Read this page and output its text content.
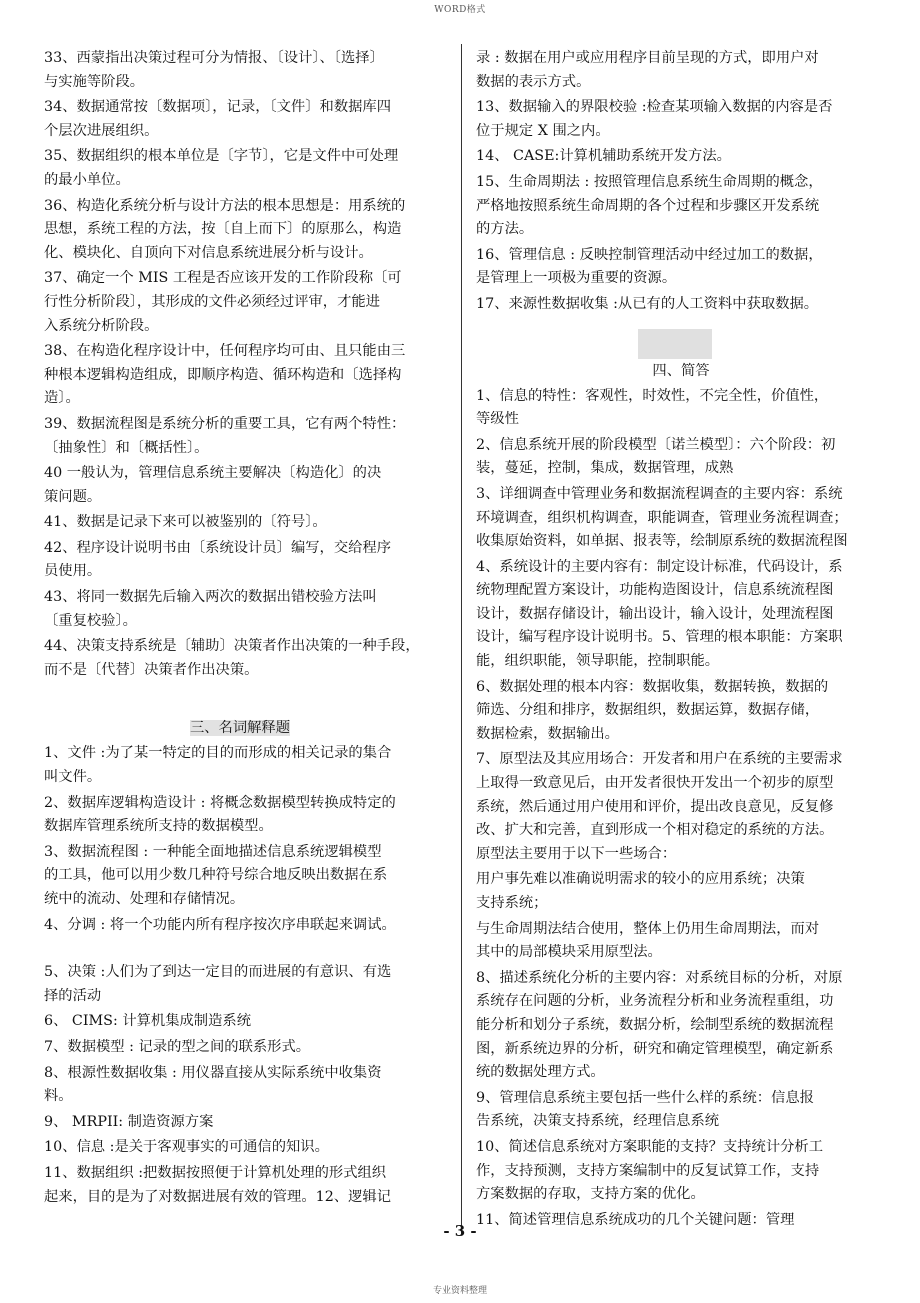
WORD格式

33、西蒙指出决策过程可分为情报、〔设计〕、〔选择〕
与实施等阶段。

34、数据通常按〔数据项〕，记录，〔文件〕和数据库四
个层次进展组织。

35、数据组织的根本单位是〔字节〕，它是文件中可处理
的最小单位。

36、构造化系统分析与设计方法的根本思想是：用系统的
思想，系统工程的方法，按〔自上而下〕的原那么，构造
化、模块化、自顶向下对信息系统进展分析与设计。

37、确定一个 MIS 工程是否应该开发的工作阶段称〔可
行性分析阶段〕，其形成的文件必须经过评审，才能进
入系统分析阶段。

38、在构造化程序设计中，任何程序均可由、且只能由三
种根本逻辑构造组成，即顺序构造、循环构造和〔选择构
造〕。

39、数据流程图是系统分析的重要工具，它有两个特性：
〔抽象性〕和〔概括性〕。

40 一般认为，管理信息系统主要解决〔构造化〕的决
策问题。

41、数据是记录下来可以被鉴别的〔符号〕。

42、程序设计说明书由〔系统设计员〕编写，交给程序
员使用。

43、将同一数据先后输入两次的数据出错校验方法叫
〔重复校验〕。

44、决策支持系统是〔辅助〕决策者作出决策的一种手段，
而不是〔代替〕决策者作出决策。

三、名词解释题

1、文件 :为了某一特定的目的而形成的相关记录的集合
叫文件。

2、数据库逻辑构造设计 : 将概念数据模型转换成特定的
数据库管理系统所支持的数据模型。

3、数据流程图 : 一种能全面地描述信息系统逻辑模型
的工具，他可以用少数几种符号综合地反映出数据在系
统中的流动、处理和存储情况。

4、分调 : 将一个功能内所有程序按次序串联起来调试。

5、决策 :人们为了到达一定目的而进展的有意识、有选
择的活动

6、 CIMS: 计算机集成制造系统

7、数据模型 : 记录的型之间的联系形式。

8、根源性数据收集 : 用仪器直接从实际系统中收集资
料。

9、 MRPII: 制造资源方案

10、信息 :是关于客观事实的可通信的知识。

11、数据组织 :把数据按照便于计算机处理的形式组织
起来，目的是为了对数据进展有效的管理。12、逻辑记

录 : 数据在用户或应用程序目前呈现的方式，即用户对
数据的表示方式。

13、数据输入的界限校验 :检查某项输入数据的内容是否
位于规定 X 围之内。

14、 CASE:计算机辅助系统开发方法。

15、生命周期法 : 按照管理信息系统生命周期的概念，
严格地按照系统生命周期的各个过程和步骤区开发系统
的方法。

16、管理信息 : 反映控制管理活动中经过加工的数据，
是管理上一项极为重要的资源。

17、来源性数据收集 :从已有的人工资料中获取数据。

四、简答

1、信息的特性：客观性，时效性，不完全性，价值性，
等级性

2、信息系统开展的阶段模型〔诺兰模型〕：六个阶段：初
装，蔓延，控制，集成，数据管理，成熟

3、详细调查中管理业务和数据流程调查的主要内容：系统
环境调查，组织机构调查，职能调查，管理业务流程调查；
收集原始资料，如单据、报表等，绘制原系统的数据流程图

4、系统设计的主要内容有：制定设计标准，代码设计，系
统物理配置方案设计，功能构造图设计，信息系统流程图
设计，数据存储设计，输出设计，输入设计，处理流程图
设计，编写程序设计说明书。5、管理的根本职能：方案职
能，组织职能，领导职能，控制职能。

6、数据处理的根本内容：数据收集，数据转换，数据的
筛选、分组和排序，数据组织，数据运算，数据存储，
数据检索，数据输出。

7、原型法及其应用场合：开发者和用户在系统的主要需求
上取得一致意见后，由开发者很快开发出一个初步的原型
系统，然后通过用户使用和评价，提出改良意见，反复修
改、扩大和完善，直到形成一个相对稳定的系统的方法。
原型法主要用于以下一些场合：

用户事先难以准确说明需求的较小的应用系统；决策
支持系统；

与生命周期法结合使用，整体上仍用生命周期法，而对
其中的局部模块采用原型法。

8、描述系统化分析的主要内容：对系统目标的分析，对原
系统存在问题的分析，业务流程分析和业务流程重组，功
能分析和划分子系统，数据分析，绘制型系统的数据流程
图，新系统边界的分析，研究和确定管理模型，确定新系
统的数据处理方式。

9、管理信息系统主要包括一些什么样的系统：信息报
告系统，决策支持系统，经理信息系统

10、简述信息系统对方案职能的支持？支持统计分析工
作，支持预测，支持方案编制中的反复试算工作，支持
方案数据的存取，支持方案的优化。

11、简述管理信息系统成功的几个关键问题：管理

- 3 -
专业资料整理
